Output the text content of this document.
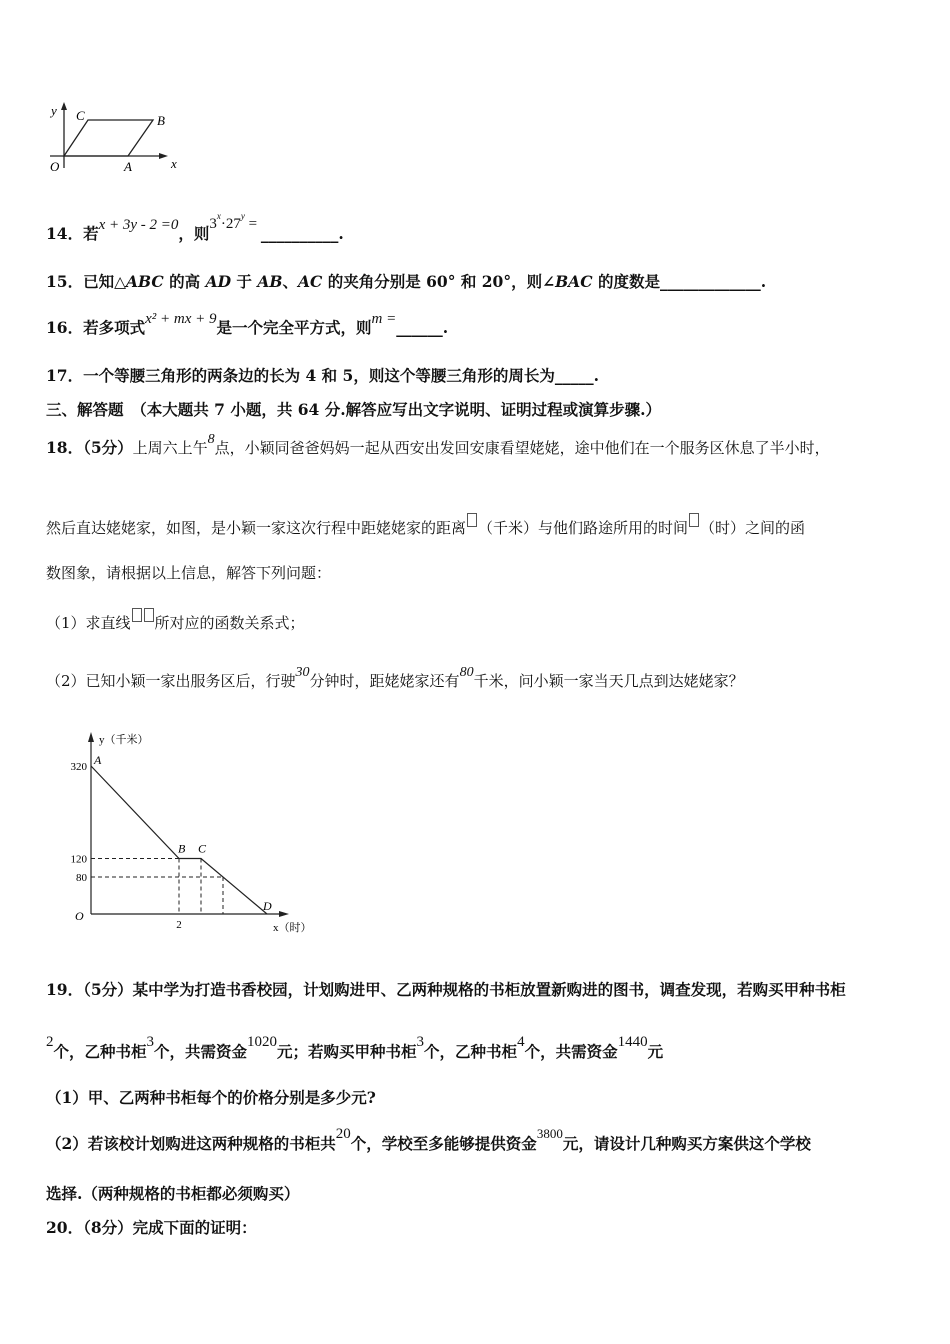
y
x
O	A
B
C
14．若x + 3y - 2 =0，则$3^x\cdot 27^y$ = __________.
15．已知△ABC 的高 AD 于 AB、AC 的夹角分别是 60° 和 20°，则∠BAC 的度数是_____________.
16．若多项式x² + mx + 9是一个完全平方式，则m =______.
17．一个等腰三角形的两条边的长为 4 和 5，则这个等腰三角形的周长为_____.
三、解答题　（本大题共 7 小题，共 64 分.解答应写出文字说明、证明过程或演算步骤.）
18．（5分）上周六上午8点，小颖同爸爸妈妈一起从西安出发回安康看望姥姥，途中他们在一个服务区休息了半小时，
然后直达姥姥家，如图，是小颖一家这次行程中距姥姥家的距离 （千米）与他们路途所用的时间 （时）之间的函
数图象，请根据以上信息，解答下列问题：
（1）求直线 所对应的函数关系式；
（2）已知小颖一家出服务区后，行驶30分钟时，距姥姥家还有80千米，问小颖一家当天几点到达姥姥家？
y（千米）
x（时）
O
A
B C
D
320
120
80
2
19．（5分）某中学为打造书香校园，计划购进甲、乙两种规格的书柜放置新购进的图书，调查发现，若购买甲种书柜
2个，乙种书柜3个，共需资金1020元；若购买甲种书柜3个，乙种书柜4个，共需资金1440元
（1）甲、乙两种书柜每个的价格分别是多少元?
（2）若该校计划购进这两种规格的书柜共20个，学校至多能够提供资金$^{3800}$元，请设计几种购买方案供这个学校
选择.（两种规格的书柜都必须购买）
20．（8分）完成下面的证明：
